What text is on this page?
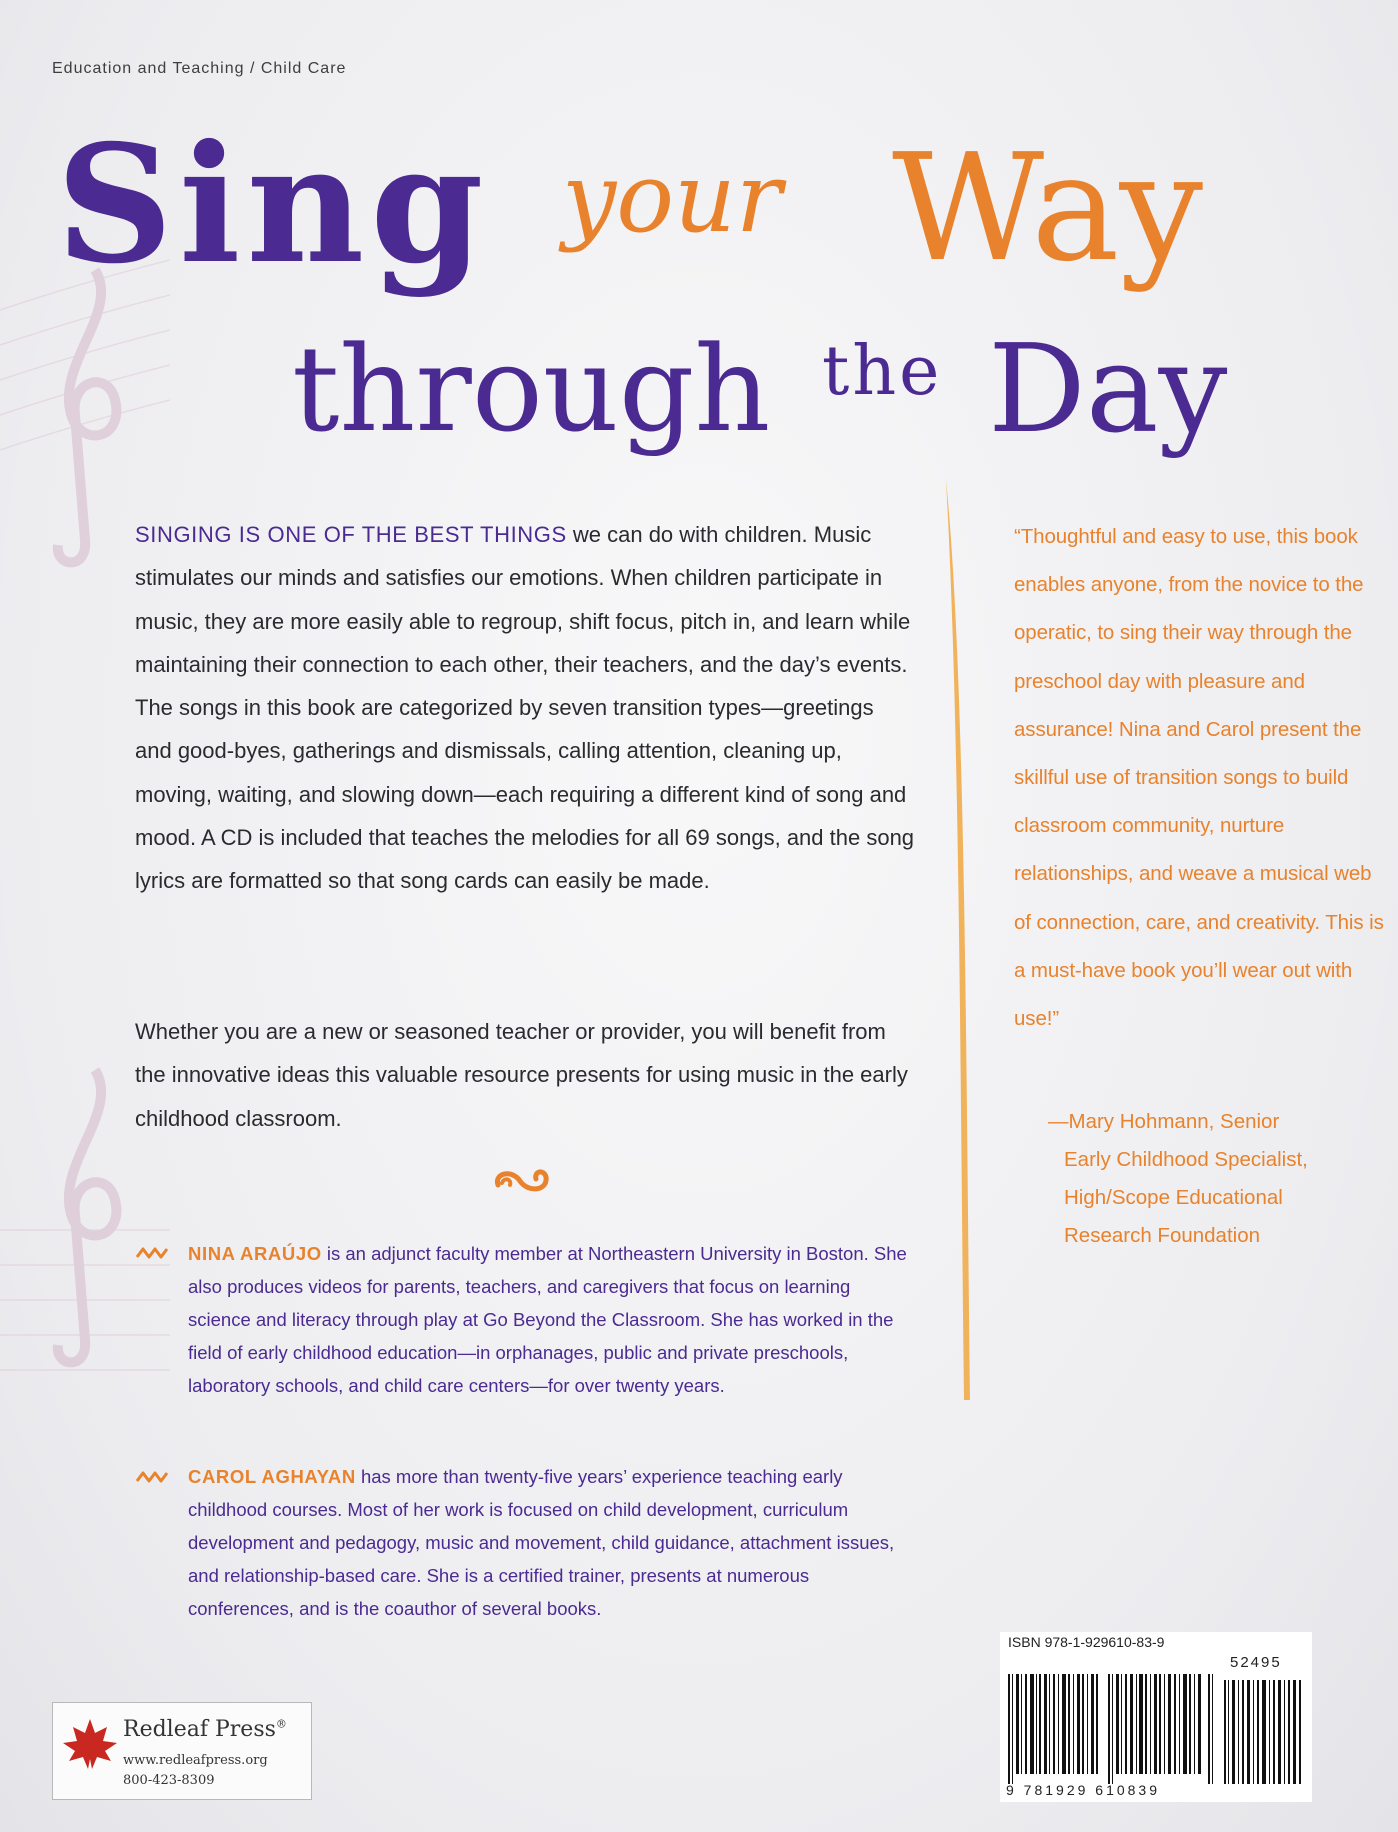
Education and Teaching / Child Care
Sing your Way
through the Day
SINGING IS ONE OF THE BEST THINGS we can do with children. Music stimulates our minds and satisfies our emotions. When children participate in music, they are more easily able to regroup, shift focus, pitch in, and learn while maintaining their connection to each other, their teachers, and the day’s events. The songs in this book are categorized by seven transition types—greetings and good-byes, gatherings and dismissals, calling attention, cleaning up, moving, waiting, and slowing down—each requiring a different kind of song and mood. A CD is included that teaches the melodies for all 69 songs, and the song lyrics are formatted so that song cards can easily be made.
Whether you are a new or seasoned teacher or provider, you will benefit from the innovative ideas this valuable resource presents for using music in the early childhood classroom.
NINA ARAÚJO is an adjunct faculty member at Northeastern University in Boston. She also produces videos for parents, teachers, and caregivers that focus on learning science and literacy through play at Go Beyond the Classroom. She has worked in the field of early childhood education—in orphanages, public and private preschools, laboratory schools, and child care centers—for over twenty years.
CAROL AGHAYAN has more than twenty-five years’ experience teaching early childhood courses. Most of her work is focused on child development, curriculum development and pedagogy, music and movement, child guidance, attachment issues, and relationship-based care. She is a certified trainer, presents at numerous conferences, and is the coauthor of several books.
“Thoughtful and easy to use, this book enables anyone, from the novice to the operatic, to sing their way through the preschool day with pleasure and assurance! Nina and Carol present the skillful use of transition songs to build classroom community, nurture relationships, and weave a musical web of connection, care, and creativity. This is a must-have book you’ll wear out with use!”
—Mary Hohmann, Senior
Early Childhood Specialist,
High/Scope Educational
Research Foundation
Redleaf Press®
www.redleafpress.org
800-423-8309
ISBN 978-1-929610-83-9
52495
9 781929 610839
